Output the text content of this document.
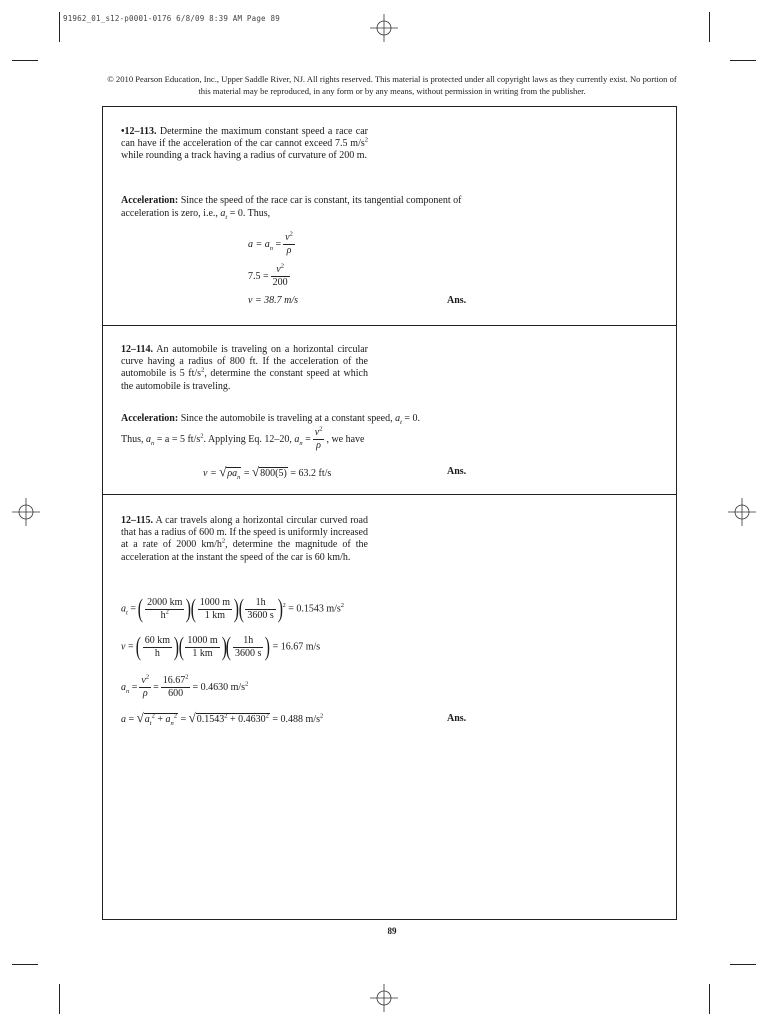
91962_01_s12-p0001-0176 6/8/09 8:39 AM Page 89
© 2010 Pearson Education, Inc., Upper Saddle River, NJ. All rights reserved. This material is protected under all copyright laws as they currently exist. No portion of this material may be reproduced, in any form or by any means, without permission in writing from the publisher.
•12–113. Determine the maximum constant speed a race car can have if the acceleration of the car cannot exceed 7.5 $m/s^2$ while rounding a track having a radius of curvature of 200 m.
Acceleration: Since the speed of the race car is constant, its tangential component of acceleration is zero, i.e., $a_t = 0$. Thus,
$a = a_n = \frac{v^2}{\rho}$
$7.5 = \frac{v^2}{200}$
v = 38.7 m/s	Ans.
12–114. An automobile is traveling on a horizontal circular curve having a radius of 800 ft. If the acceleration of the automobile is 5 $ft/s^2$, determine the constant speed at which the automobile is traveling.
Acceleration: Since the automobile is traveling at a constant speed, $a_t = 0$.
Thus, $a_n = a = 5$ $ft/s^2$. Applying Eq. 12–20, $a_n = \frac{v^2}{\rho}$ , we have
$v = √\rho a_n = √800(5) = 63.2$ ft/s	Ans.
12–115. A car travels along a horizontal circular curved road that has a radius of 600 m. If the speed is uniformly increased at a rate of 2000 $km/h^2$, determine the magnitude of the acceleration at the instant the speed of the car is 60 km/h.
$a_t$ = ( $\frac{2000 km}{h^2}$ )( $\frac{1000 m}{1 km}$ )( $\frac{1h}{3600 s} )^2 = 0.1543$ $m/s^2$
v = ( $\frac{60 km}{h}$ )( $\frac{1000 m}{1 km}$ )( $\frac{1h}{3600 s}$ ) = 16.67 m/s
$a_n = \frac{v^2}{\rho} = \frac{16.67^2}{600} = 0.4630$ $m/s^2$
$a = √a_t^2 + a_n^2 = √0.1543^2 + 0.4630^2 = 0.488$ $m/s^2$	Ans.
89
